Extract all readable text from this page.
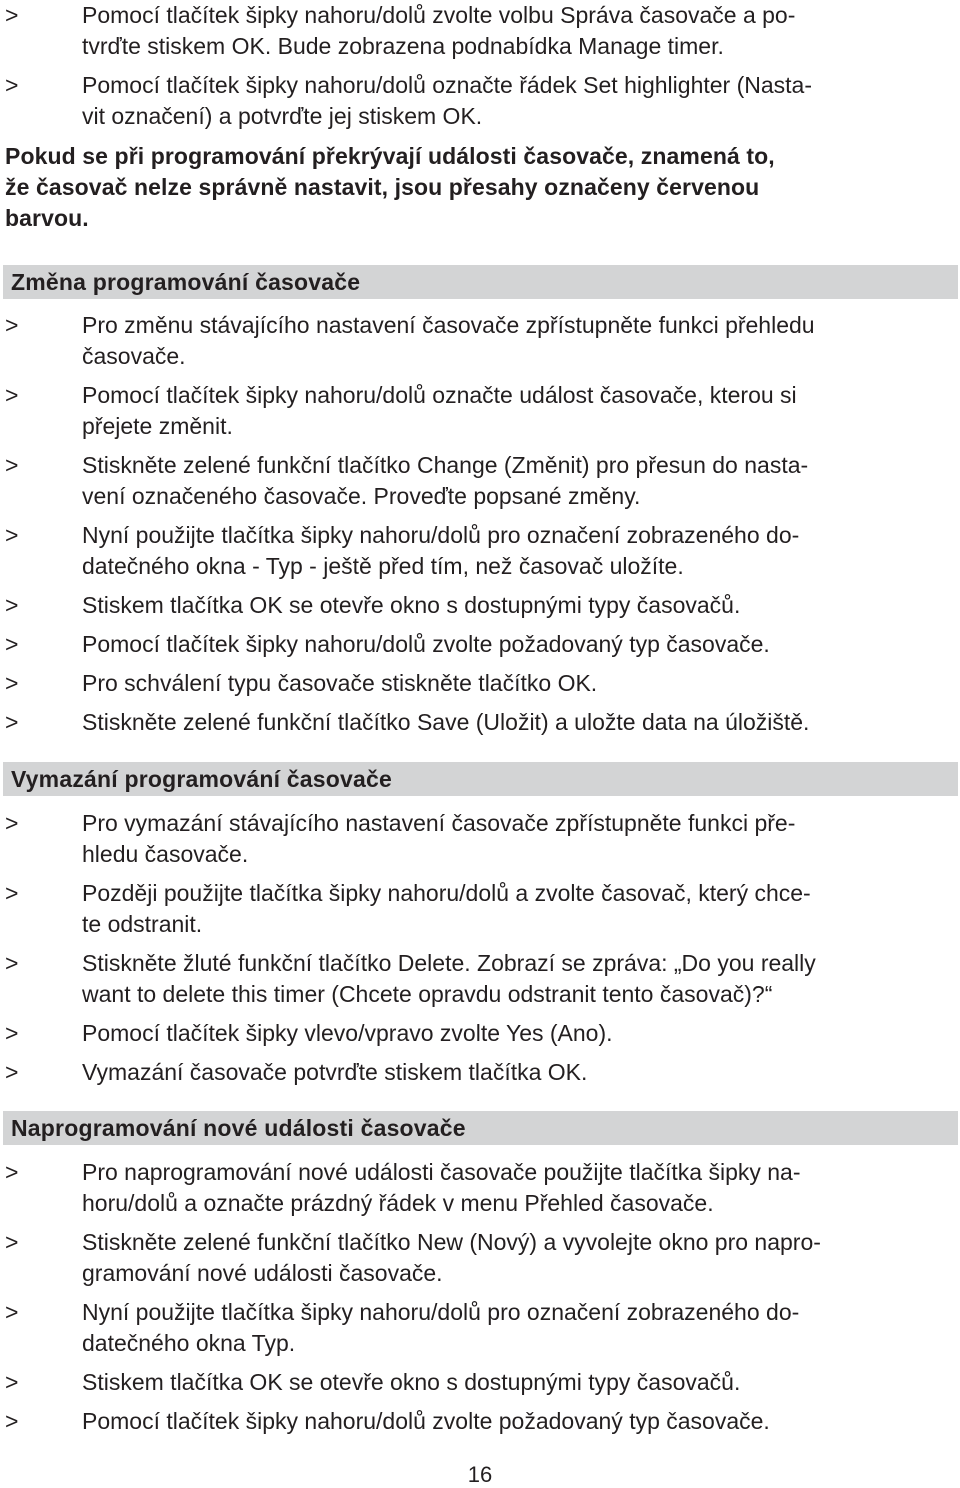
>	Pomocí tlačítek šipky nahoru/dolů zvolte volbu Správa časovače a po-
tvrďte stiskem OK. Bude zobrazena podnabídka Manage timer.
>	Pomocí tlačítek šipky nahoru/dolů označte řádek Set highlighter (Nasta-
vit označení) a potvrďte jej stiskem OK.
Pokud se při programování překrývají události časovače, znamená to,
že časovač nelze správně nastavit, jsou přesahy označeny červenou
barvou.
Změna programování časovače
>	Pro změnu stávajícího nastavení časovače zpřístupněte funkci přehledu
časovače.
>	Pomocí tlačítek šipky nahoru/dolů označte událost časovače, kterou si
přejete změnit.
>	Stiskněte zelené funkční tlačítko Change (Změnit) pro přesun do nasta-
vení označeného časovače. Proveďte popsané změny.
>	Nyní použijte tlačítka šipky nahoru/dolů pro označení zobrazeného do-
datečného okna - Typ - ještě před tím, než časovač uložíte.
>	Stiskem tlačítka OK se otevře okno s dostupnými typy časovačů.
>	Pomocí tlačítek šipky nahoru/dolů zvolte požadovaný typ časovače.
>	Pro schválení typu časovače stiskněte tlačítko OK.
>	Stiskněte zelené funkční tlačítko Save (Uložit) a uložte data na úložiště.
Vymazání programování časovače
>	Pro vymazání stávajícího nastavení časovače zpřístupněte funkci pře-
hledu časovače.
>	Později použijte tlačítka šipky nahoru/dolů a zvolte časovač, který chce-
te odstranit.
>	Stiskněte žluté funkční tlačítko Delete. Zobrazí se zpráva: „Do you really
want to delete this timer (Chcete opravdu odstranit tento časovač)?“
>	Pomocí tlačítek šipky vlevo/vpravo zvolte Yes (Ano).
>	Vymazání časovače potvrďte stiskem tlačítka OK.
Naprogramování nové události časovače
>	Pro naprogramování nové události časovače použijte tlačítka šipky na-
horu/dolů a označte prázdný řádek v menu Přehled časovače.
>	Stiskněte zelené funkční tlačítko New (Nový) a vyvolejte okno pro napro-
gramování nové události časovače.
>	Nyní použijte tlačítka šipky nahoru/dolů pro označení zobrazeného do-
datečného okna Typ.
>	Stiskem tlačítka OK se otevře okno s dostupnými typy časovačů.
>	Pomocí tlačítek šipky nahoru/dolů zvolte požadovaný typ časovače.
16
